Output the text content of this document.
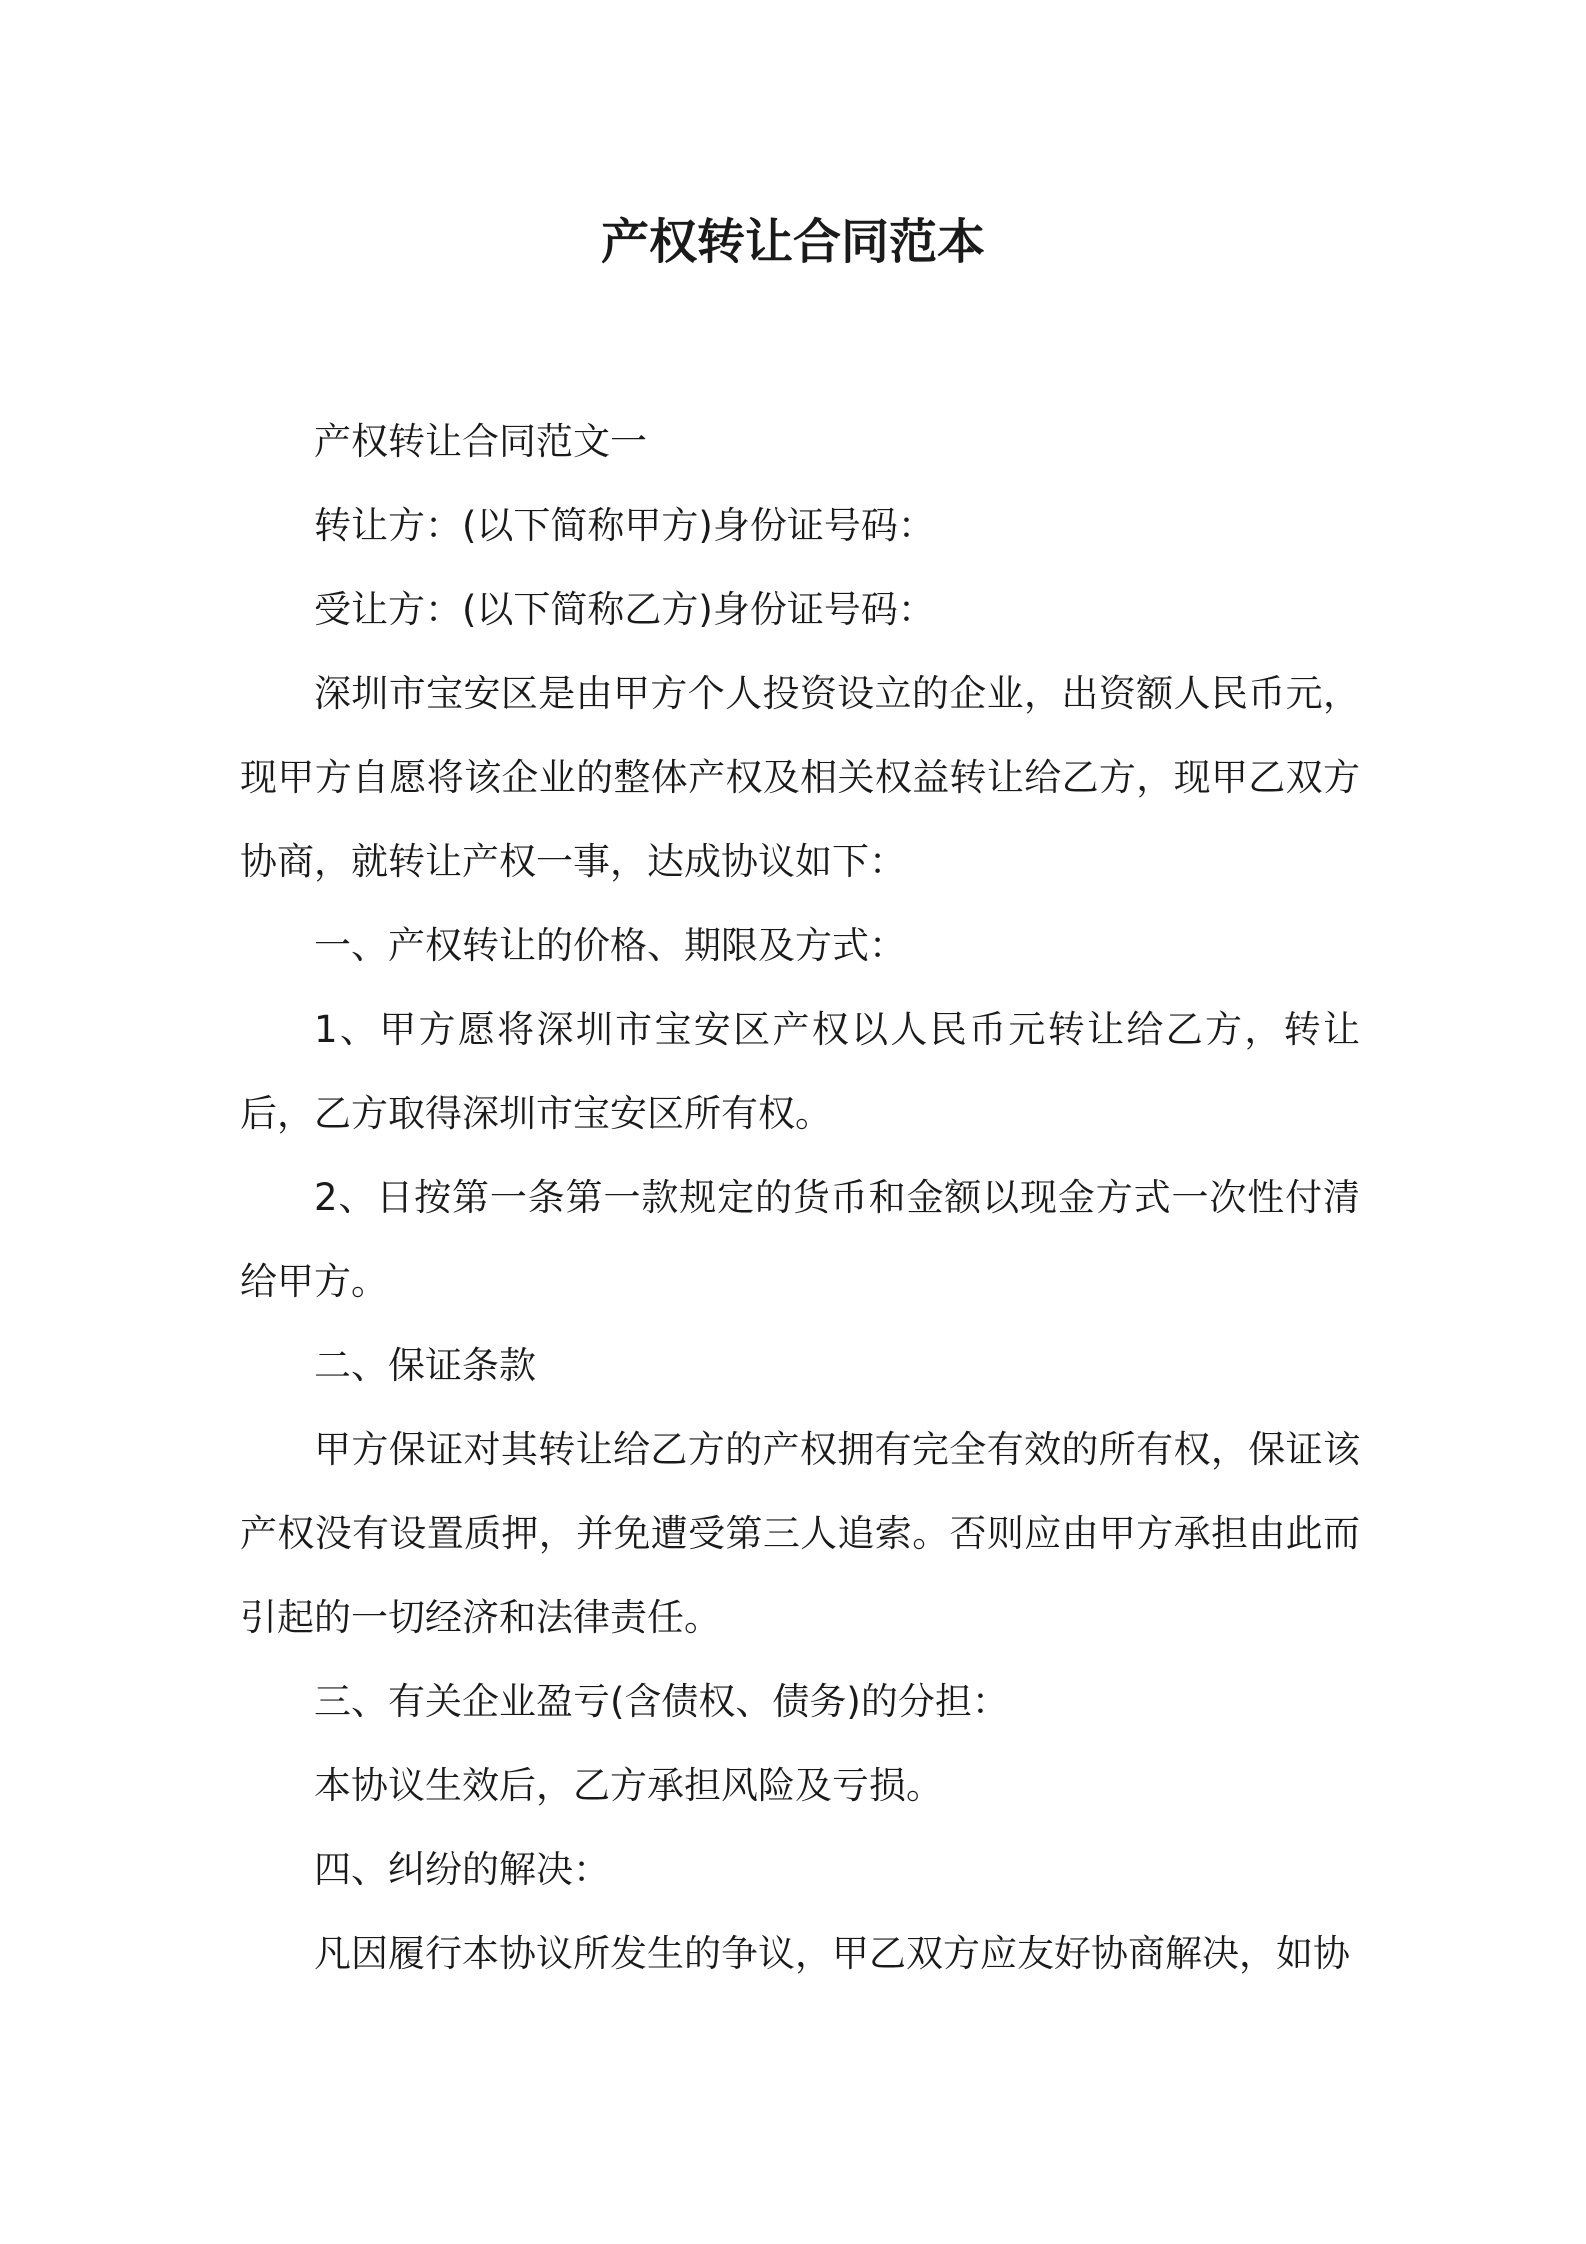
产权转让合同范本

产权转让合同范文一

转让方：(以下简称甲方)身份证号码：

受让方：(以下简称乙方)身份证号码：

深圳市宝安区是由甲方个人投资设立的企业，出资额人民币元，现甲方自愿将该企业的整体产权及相关权益转让给乙方，现甲乙双方协商，就转让产权一事，达成协议如下：

一、产权转让的价格、期限及方式：

1、甲方愿将深圳市宝安区产权以人民币元转让给乙方，转让后，乙方取得深圳市宝安区所有权。

2、日按第一条第一款规定的货币和金额以现金方式一次性付清给甲方。

二、保证条款

甲方保证对其转让给乙方的产权拥有完全有效的所有权，保证该产权没有设置质押，并免遭受第三人追索。否则应由甲方承担由此而引起的一切经济和法律责任。

三、有关企业盈亏(含债权、债务)的分担：

本协议生效后，乙方承担风险及亏损。

四、纠纷的解决：

凡因履行本协议所发生的争议，甲乙双方应友好协商解决，如协
